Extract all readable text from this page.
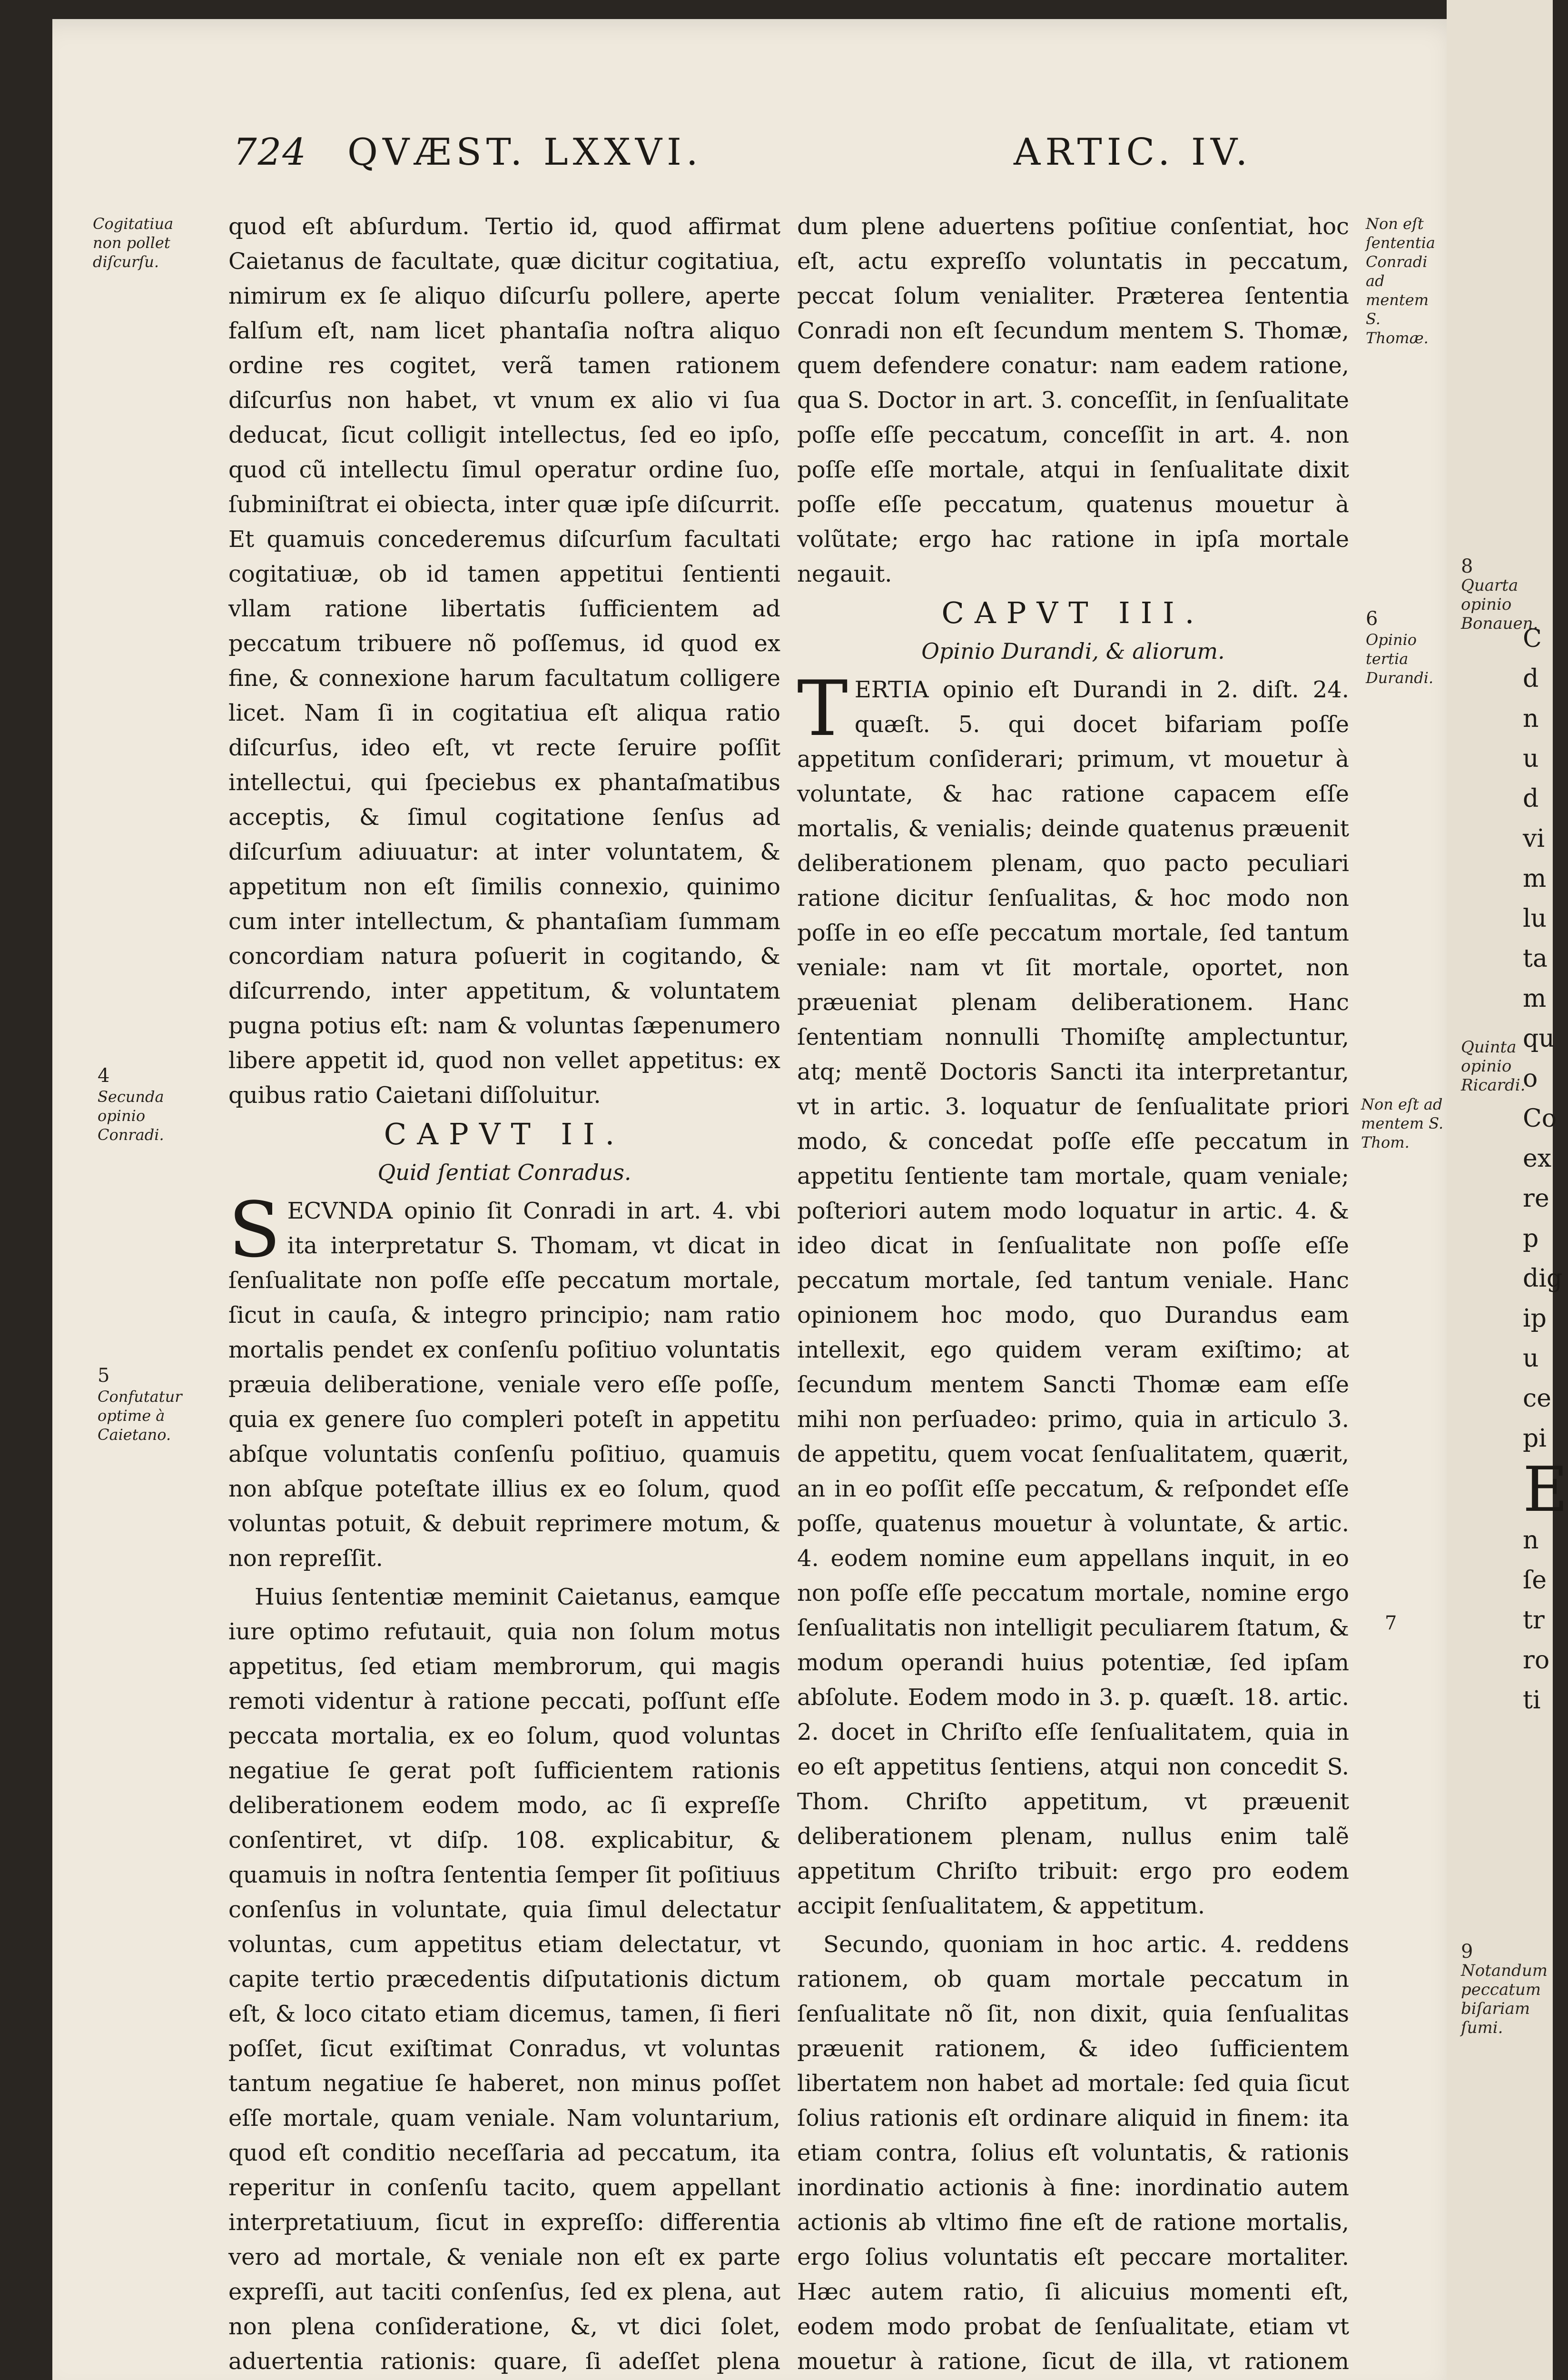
724 QVÆST. LXXVI.	ARTIC. IV.
Cogitatiua non pollet diſcurſu.
4
Secunda opinio Conradi.
5
Confutatur optime à Caietano.
Non eſt ſententia Conradi ad mentem S. Thomæ.
6
Opinio tertia Durandi.
Non eſt ad mentem S. Thom.
7

quod eſt abſurdum. Tertio id, quod affirmat Caietanus de facultate, quæ dicitur cogitatiua, nimirum ex ſe aliquo diſcurſu pollere, aperte falſum eſt, nam licet phantaſia noſtra aliquo ordine res cogitet, verã tamen rationem diſcurſus non habet, vt vnum ex alio vi ſua deducat, ſicut colligit intellectus, ſed eo ipſo, quod cũ intellectu ſimul operatur ordine ſuo, ſubminiſtrat ei obiecta, inter quæ ipſe diſcurrit. Et quamuis concederemus diſcurſum facultati cogitatiuæ, ob id tamen appetitui ſentienti vllam ratione libertatis ſufficientem ad peccatum tribuere nõ poſſemus, id quod ex fine, & connexione harum facultatum colligere licet. Nam ſi in cogitatiua eſt aliqua ratio diſcurſus, ideo eſt, vt recte ſeruire poſſit intellectui, qui ſpeciebus ex phantaſmatibus acceptis, & ſimul cogitatione ſenſus ad diſcurſum adiuuatur: at inter voluntatem, & appetitum non eſt ſimilis connexio, quinimo cum inter intellectum, & phantaſiam ſummam concordiam natura poſuerit in cogitando, & diſcurrendo, inter appetitum, & voluntatem pugna potius eſt: nam & voluntas ſæpenumero libere appetit id, quod non vellet appetitus: ex quibus ratio Caietani diſſoluitur.

CAPVT II.

Quid ſentiat Conradus.

SECVNDA opinio ſit Conradi in art. 4. vbi ita interpretatur S. Thomam, vt dicat in ſenſualitate non poſſe eſſe peccatum mortale, ſicut in cauſa, & integro principio; nam ratio mortalis pendet ex conſenſu poſitiuo voluntatis præuia deliberatione, veniale vero eſſe poſſe, quia ex genere ſuo compleri poteſt in appetitu abſque voluntatis conſenſu poſitiuo, quamuis non abſque poteſtate illius ex eo ſolum, quod voluntas potuit, & debuit reprimere motum, & non repreſſit.

Huius ſententiæ meminit Caietanus, eamque iure optimo refutauit, quia non ſolum motus appetitus, ſed etiam membrorum, qui magis remoti videntur à ratione peccati, poſſunt eſſe peccata mortalia, ex eo ſolum, quod voluntas negatiue ſe gerat poſt ſufficientem rationis deliberationem eodem modo, ac ſi expreſſe conſentiret, vt diſp. 108. explicabitur, & quamuis in noſtra ſententia ſemper ſit poſitiuus conſenſus in voluntate, quia ſimul delectatur voluntas, cum appetitus etiam delectatur, vt capite tertio præcedentis diſputationis dictum eſt, & loco citato etiam dicemus, tamen, ſi fieri poſſet, ſicut exiſtimat Conradus, vt voluntas tantum negatiue ſe haberet, non minus poſſet eſſe mortale, quam veniale. Nam voluntarium, quod eſt conditio neceſſaria ad peccatum, ita reperitur in conſenſu tacito, quem appellant interpretatiuum, ſicut in expreſſo: differentia vero ad mortale, & veniale non eſt ex parte expreſſi, aut taciti conſenſus, ſed ex plena, aut non plena conſideratione, &, vt dici ſolet, aduertentia rationis: quare, ſi adeſſet plena

dum plene aduertens poſitiue conſentiat, hoc eſt, actu expreſſo voluntatis in peccatum, peccat ſolum venialiter. Præterea ſententia Conradi non eſt ſecundum mentem S. Thomæ, quem defendere conatur: nam eadem ratione, qua S. Doctor in art. 3. conceſſit, in ſenſualitate poſſe eſſe peccatum, conceſſit in art. 4. non poſſe eſſe mortale, atqui in ſenſualitate dixit poſſe eſſe peccatum, quatenus mouetur à volũtate; ergo hac ratione in ipſa mortale negauit.

CAPVT III.

Opinio Durandi, & aliorum.

TERTIA opinio eſt Durandi in 2. diſt. 24. quæſt. 5. qui docet bifariam poſſe appetitum conſiderari; primum, vt mouetur à voluntate, & hac ratione capacem eſſe mortalis, & venialis; deinde quatenus præuenit deliberationem plenam, quo pacto peculiari ratione dicitur ſenſualitas, & hoc modo non poſſe in eo eſſe peccatum mortale, ſed tantum veniale: nam vt ſit mortale, oportet, non præueniat plenam deliberationem. Hanc ſententiam nonnulli Thomiſtę amplectuntur, atq; mentẽ Doctoris Sancti ita interpretantur, vt in artic. 3. loquatur de ſenſualitate priori modo, & concedat poſſe eſſe peccatum in appetitu ſentiente tam mortale, quam veniale; poſteriori autem modo loquatur in artic. 4. & ideo dicat in ſenſualitate non poſſe eſſe peccatum mortale, ſed tantum veniale. Hanc opinionem hoc modo, quo Durandus eam intellexit, ego quidem veram exiſtimo; at ſecundum mentem Sancti Thomæ eam eſſe mihi non perſuadeo: primo, quia in articulo 3. de appetitu, quem vocat ſenſualitatem, quærit, an in eo poſſit eſſe peccatum, & reſpondet eſſe poſſe, quatenus mouetur à voluntate, & artic. 4. eodem nomine eum appellans inquit, in eo non poſſe eſſe peccatum mortale, nomine ergo ſenſualitatis non intelligit peculiarem ſtatum, & modum operandi huius potentiæ, ſed ipſam abſolute. Eodem modo in 3. p. quæſt. 18. artic. 2. docet in Chriſto eſſe ſenſualitatem, quia in eo eſt appetitus ſentiens, atqui non concedit S. Thom. Chriſto appetitum, vt præuenit deliberationem plenam, nullus enim talẽ appetitum Chriſto tribuit: ergo pro eodem accipit ſenſualitatem, & appetitum.

Secundo, quoniam in hoc artic. 4. reddens rationem, ob quam mortale peccatum in ſenſualitate nõ ſit, non dixit, quia ſenſualitas præuenit rationem, & ideo ſufficientem libertatem non habet ad mortale: ſed quia ſicut ſolius rationis eſt ordinare aliquid in finem: ita etiam contra, ſolius eſt voluntatis, & rationis inordinatio actionis à fine: inordinatio autem actionis ab vltimo fine eſt de ratione mortalis, ergo ſolius voluntatis eſt peccare mortaliter. Hæc autem ratio, ſi alicuius momenti eſt, eodem modo probat de ſenſualitate, etiam vt mouetur à ratione, ſicut de illa, vt rationem

8
Quarta opinio Bonauen.
Quinta opinio Ricardi.
9
Notandum peccatum biſariam ſumi.
C
d
n
u
d
vi
m
lu
ta
m
qu
o
Co
ex
re
p
dig
ip
u
ce
pi
E
n
ſe
tr
ro
ti
